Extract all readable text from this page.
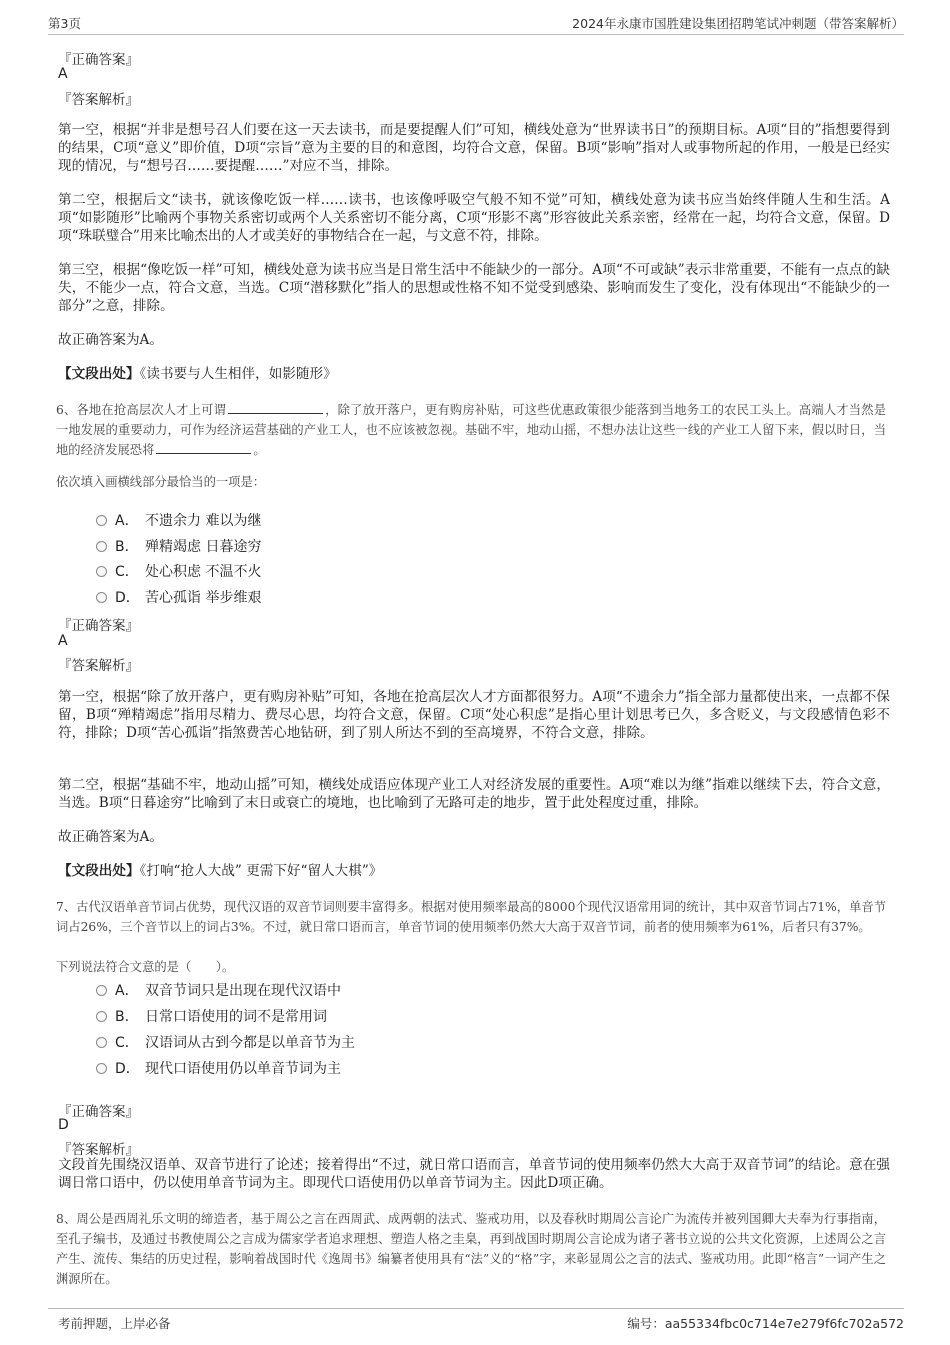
第3页	2024年永康市国胜建设集团招聘笔试冲刺题（带答案解析）
『正确答案』
A
『答案解析』
第一空，根据“并非是想号召人们要在这一天去读书，而是要提醒人们”可知，横线处意为“世界读书日”的预期目标。A项“目的”指想要得到的结果，C项“意义”即价值，D项“宗旨”意为主要的目的和意图，均符合文意，保留。B项“影响”指对人或事物所起的作用，一般是已经实现的情况，与“想号召……要提醒……”对应不当，排除。
第二空，根据后文“读书，就该像吃饭一样……读书，也该像呼吸空气般不知不觉”可知，横线处意为读书应当始终伴随人生和生活。A项“如影随形”比喻两个事物关系密切或两个人关系密切不能分离，C项“形影不离”形容彼此关系亲密，经常在一起，均符合文意，保留。D项“珠联璧合”用来比喻杰出的人才或美好的事物结合在一起，与文意不符，排除。
第三空，根据“像吃饭一样”可知，横线处意为读书应当是日常生活中不能缺少的一部分。A项“不可或缺”表示非常重要，不能有一点点的缺失，不能少一点，符合文意，当选。C项“潜移默化”指人的思想或性格不知不觉受到感染、影响而发生了变化，没有体现出“不能缺少的一部分”之意，排除。
故正确答案为A。
【文段出处】《读书要与人生相伴，如影随形》
6、各地在抢高层次人才上可谓	，除了放开落户，更有购房补贴，可这些优惠政策很少能落到当地务工的农民工头上。高端人才当然是一地发展的重要动力，可作为经济运营基础的产业工人，也不应该被忽视。基础不牢，地动山摇，不想办法让这些一线的产业工人留下来，假以时日，当地的经济发展恐将	。
依次填入画横线部分最恰当的一项是：
A． 不遗余力 难以为继
B． 殚精竭虑 日暮途穷
C． 处心积虑 不温不火
D． 苦心孤诣 举步维艰
『正确答案』
A
『答案解析』
第一空，根据“除了放开落户，更有购房补贴”可知，各地在抢高层次人才方面都很努力。A项“不遗余力”指全部力量都使出来，一点都不保留，B项“殚精竭虑”指用尽精力、费尽心思，均符合文意，保留。C项“处心积虑”是指心里计划思考已久，多含贬义，与文段感情色彩不符，排除；D项“苦心孤诣”指煞费苦心地钻研，到了别人所达不到的至高境界，不符合文意，排除。
第二空，根据“基础不牢，地动山摇”可知，横线处成语应体现产业工人对经济发展的重要性。A项“难以为继”指难以继续下去，符合文意，当选。B项“日暮途穷”比喻到了末日或衰亡的境地，也比喻到了无路可走的地步，置于此处程度过重，排除。
故正确答案为A。
【文段出处】《打响“抢人大战” 更需下好“留人大棋”》
7、古代汉语单音节词占优势，现代汉语的双音节词则要丰富得多。根据对使用频率最高的8000个现代汉语常用词的统计，其中双音节词占71%，单音节词占26%，三个音节以上的词占3%。不过，就日常口语而言，单音节词的使用频率仍然大大高于双音节词，前者的使用频率为61%，后者只有37%。
下列说法符合文意的是（　　）。
A． 双音节词只是出现在现代汉语中
B． 日常口语使用的词不是常用词
C． 汉语词从古到今都是以单音节为主
D． 现代口语使用仍以单音节词为主
『正确答案』
D
『答案解析』
文段首先围绕汉语单、双音节进行了论述；接着得出“不过，就日常口语而言，单音节词的使用频率仍然大大高于双音节词”的结论。意在强调日常口语中，仍以使用单音节词为主。即现代口语使用仍以单音节词为主。因此D项正确。
8、周公是西周礼乐文明的缔造者，基于周公之言在西周武、成两朝的法式、鉴戒功用，以及春秋时期周公言论广为流传并被列国卿大夫奉为行事指南，至孔子编书，及通过书教使周公之言成为儒家学者追求理想、塑造人格之圭臬，再到战国时期周公言论成为诸子著书立说的公共文化资源，上述周公之言产生、流传、集结的历史过程，影响着战国时代《逸周书》编纂者使用具有“法”义的“格”字，来彰显周公之言的法式、鉴戒功用。此即“格言”一词产生之渊源所在。
考前押题，上岸必备	编号：aa55334fbc0c714e7e279f6fc702a572
